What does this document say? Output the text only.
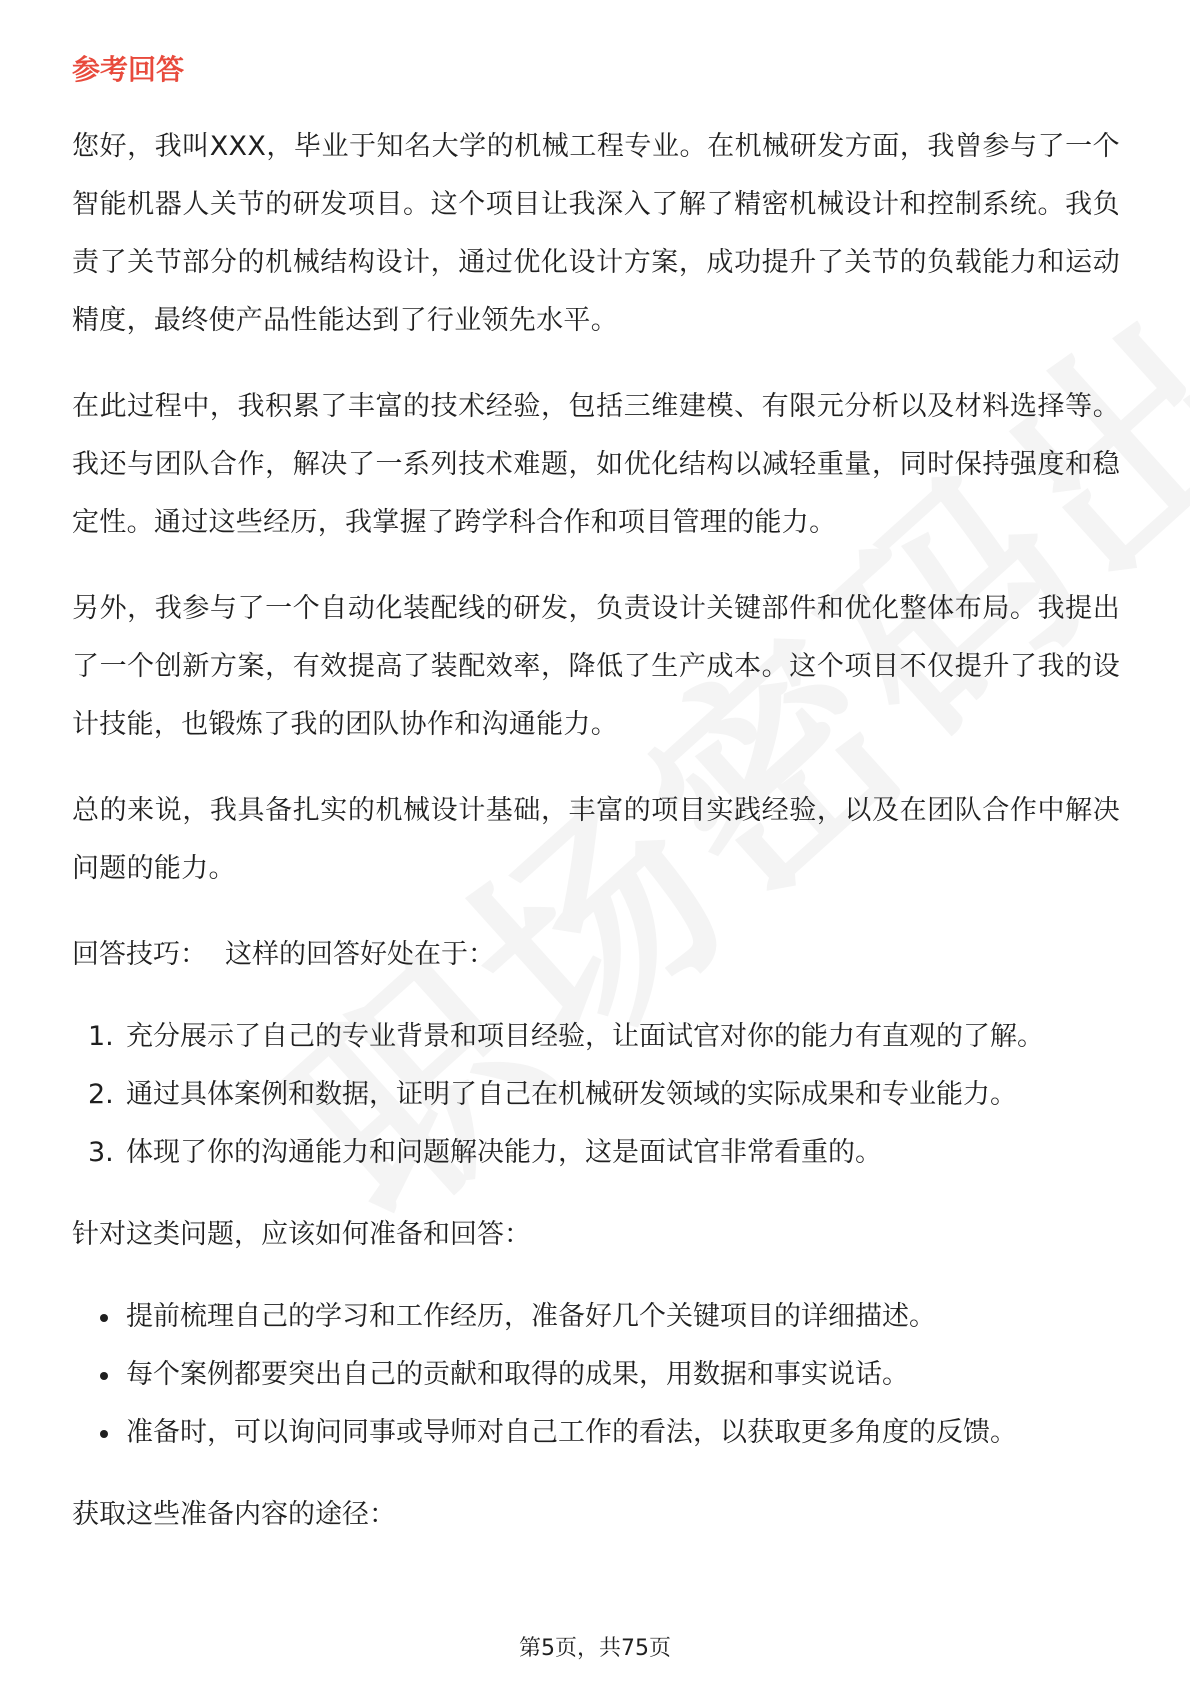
参考回答

您好，我叫XXX，毕业于知名大学的机械工程专业。在机械研发方面，我曾参与了一个智能机器人关节的研发项目。这个项目让我深入了解了精密机械设计和控制系统。我负责了关节部分的机械结构设计，通过优化设计方案，成功提升了关节的负载能力和运动精度，最终使产品性能达到了行业领先水平。

在此过程中，我积累了丰富的技术经验，包括三维建模、有限元分析以及材料选择等。我还与团队合作，解决了一系列技术难题，如优化结构以减轻重量，同时保持强度和稳定性。通过这些经历，我掌握了跨学科合作和项目管理的能力。

另外，我参与了一个自动化装配线的研发，负责设计关键部件和优化整体布局。我提出了一个创新方案，有效提高了装配效率，降低了生产成本。这个项目不仅提升了我的设计技能，也锻炼了我的团队协作和沟通能力。

总的来说，我具备扎实的机械设计基础，丰富的项目实践经验，以及在团队合作中解决问题的能力。

回答技巧： 这样的回答好处在于：
1. 充分展示了自己的专业背景和项目经验，让面试官对你的能力有直观的了解。
2. 通过具体案例和数据，证明了自己在机械研发领域的实际成果和专业能力。
3. 体现了你的沟通能力和问题解决能力，这是面试官非常看重的。
针对这类问题，应该如何准备和回答：
提前梳理自己的学习和工作经历，准备好几个关键项目的详细描述。
每个案例都要突出自己的贡献和取得的成果，用数据和事实说话。
准备时，可以询问同事或导师对自己工作的看法，以获取更多角度的反馈。
获取这些准备内容的途径：
第5页，共75页
